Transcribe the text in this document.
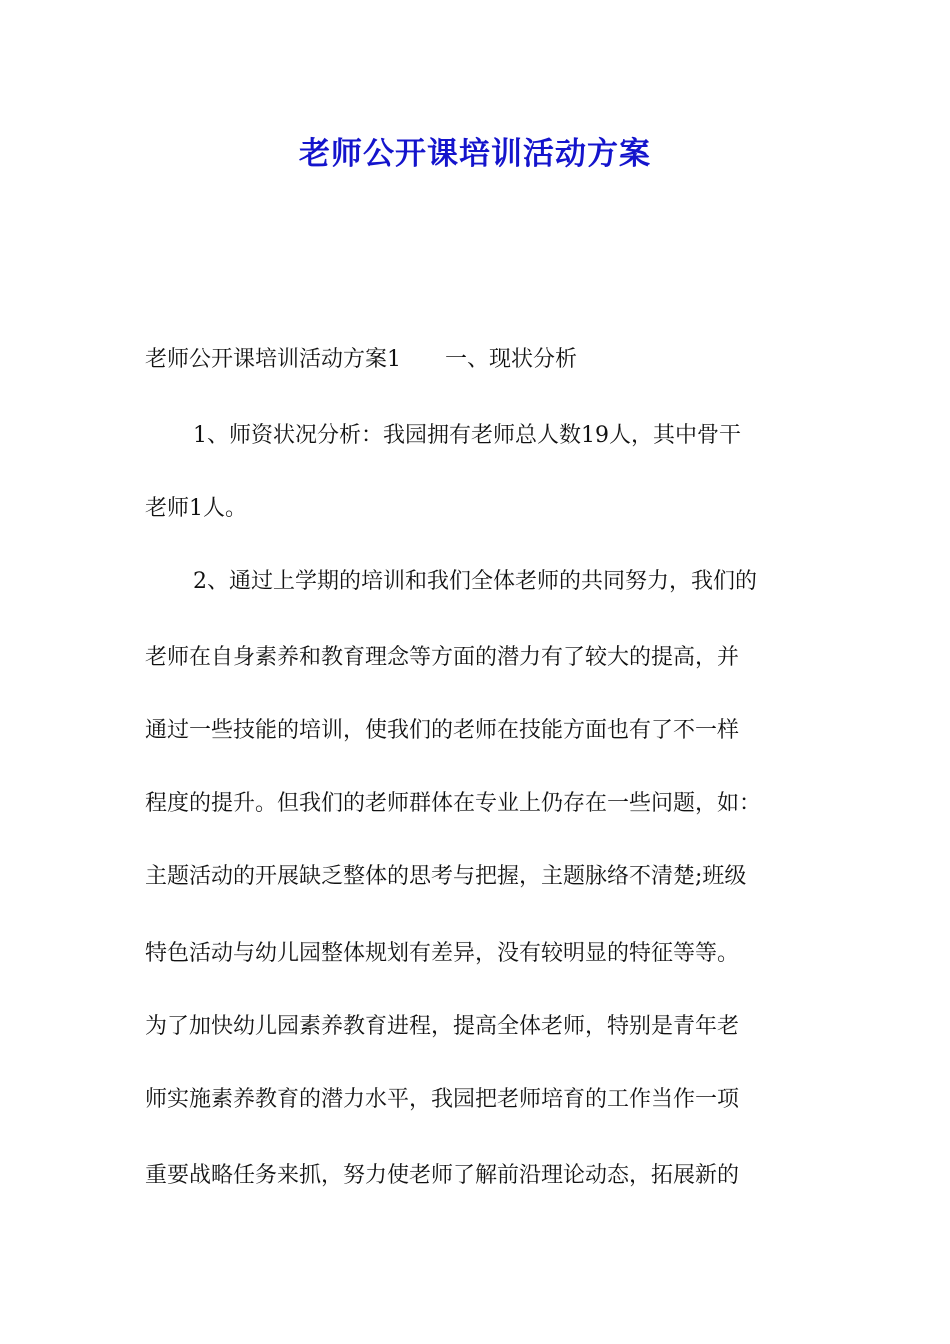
老师公开课培训活动方案
老师公开课培训活动方案1 一、现状分析
1、师资状况分析：我园拥有老师总人数19人，其中骨干
老师1人。
2、通过上学期的培训和我们全体老师的共同努力，我们的
老师在自身素养和教育理念等方面的潜力有了较大的提高，并
通过一些技能的培训，使我们的老师在技能方面也有了不一样
程度的提升。但我们的老师群体在专业上仍存在一些问题，如：
主题活动的开展缺乏整体的思考与把握，主题脉络不清楚;班级
特色活动与幼儿园整体规划有差异，没有较明显的特征等等。
为了加快幼儿园素养教育进程，提高全体老师，特别是青年老
师实施素养教育的潜力水平，我园把老师培育的工作当作一项
重要战略任务来抓，努力使老师了解前沿理论动态，拓展新的
